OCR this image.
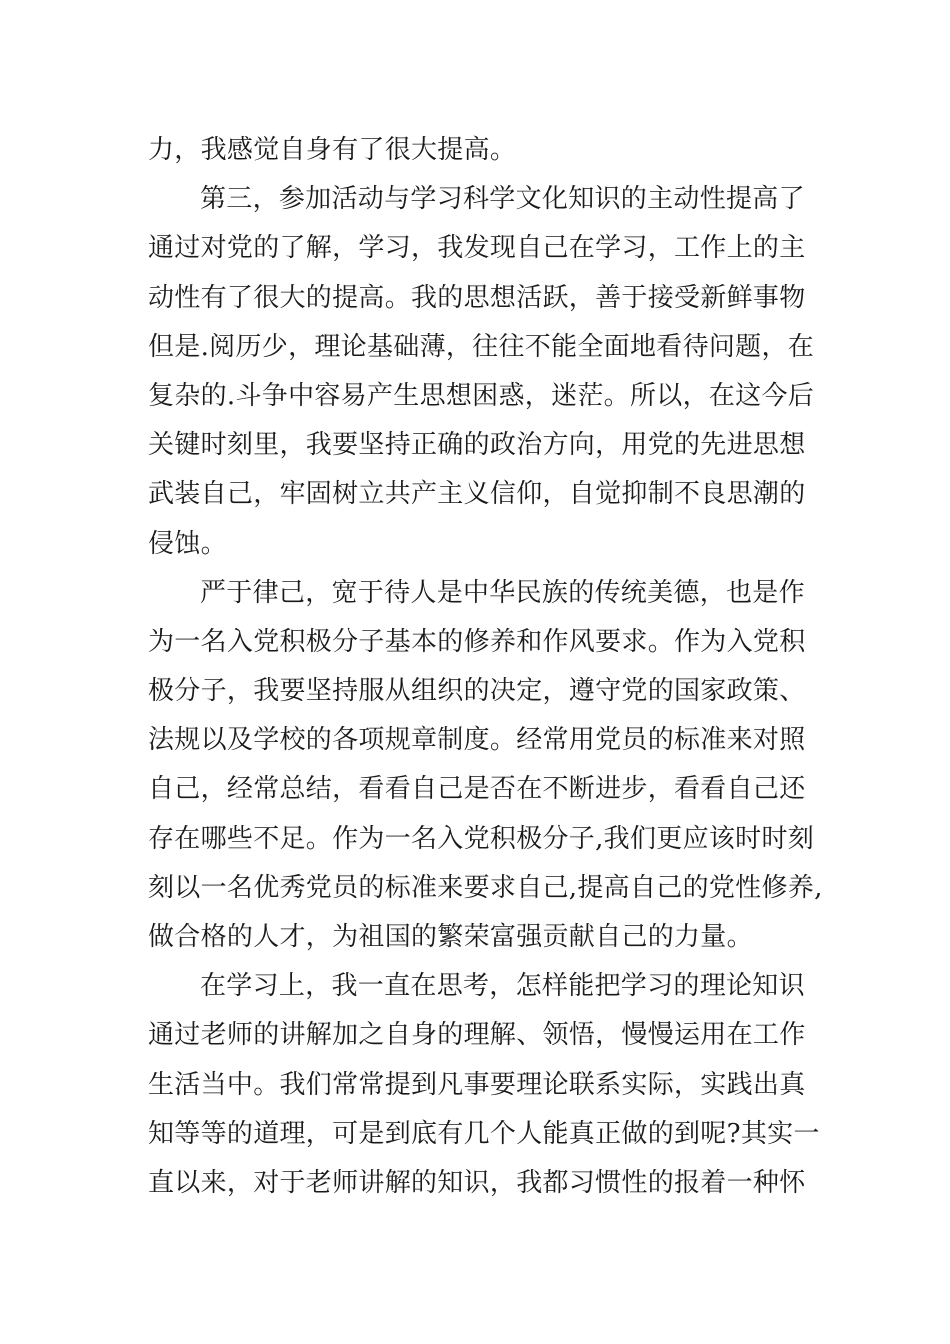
力，我感觉自身有了很大提高。
第三，参加活动与学习科学文化知识的主动性提高了
通过对党的了解，学习，我发现自己在学习，工作上的主
动性有了很大的提高。我的思想活跃，善于接受新鲜事物
但是.阅历少，理论基础薄，往往不能全面地看待问题，在
复杂的.斗争中容易产生思想困惑，迷茫。所以，在这今后
关键时刻里，我要坚持正确的政治方向，用党的先进思想
武装自己，牢固树立共产主义信仰，自觉抑制不良思潮的
侵蚀。
严于律己，宽于待人是中华民族的传统美德，也是作
为一名入党积极分子基本的修养和作风要求。作为入党积
极分子，我要坚持服从组织的决定，遵守党的国家政策、
法规以及学校的各项规章制度。经常用党员的标准来对照
自己，经常总结，看看自己是否在不断进步，看看自己还
存在哪些不足。作为一名入党积极分子,我们更应该时时刻
刻以一名优秀党员的标准来要求自己,提高自己的党性修养,
做合格的人才，为祖国的繁荣富强贡献自己的力量。
在学习上，我一直在思考，怎样能把学习的理论知识
通过老师的讲解加之自身的理解、领悟，慢慢运用在工作
生活当中。我们常常提到凡事要理论联系实际，实践出真
知等等的道理，可是到底有几个人能真正做的到呢?其实一
直以来，对于老师讲解的知识，我都习惯性的报着一种怀
